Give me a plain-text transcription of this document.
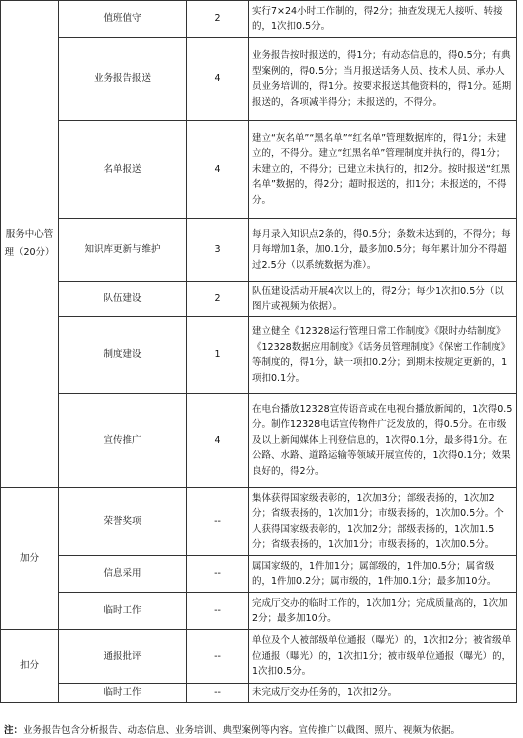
服务中心管理（20分）	值班值守	2	实行7×24小时工作制的，得2分；抽查发现无人接听、转接的，1次扣0.5分。
	业务报告报送	4	业务报告按时报送的，得1分；有动态信息的，得0.5分；有典型案例的，得0.5分；当月报送话务人员、技术人员、承办人员业务培训的，得1分。按要求报送其他资料的，得1分。延期报送的，各项减半得分；未报送的，不得分。
	名单报送	4	建立“灰名单”“黑名单”“红名单”管理数据库的，得1分；未建立的，不得分。建立“红黑名单”管理制度并执行的，得1分；未建立的，不得分；已建立未执行的，扣2分。按时报送“红黑名单”数据的，得2分；超时报送的，扣1分；未报送的，不得分。
	知识库更新与维护	3	每月录入知识点2条的，得0.5分；条数未达到的，不得分；每月每增加1条，加0.1分，最多加0.5分；每年累计加分不得超过2.5分（以系统数据为准）。
	队伍建设	2	队伍建设活动开展4次以上的，得2分；每少1次扣0.5分（以图片或视频为依据）。
	制度建设	1	建立健全《12328运行管理日常工作制度》《限时办结制度》《12328数据应用制度》《话务员管理制度》《保密工作制度》等制度的，得1分，缺一项扣0.2分；到期未按规定更新的，1项扣0.1分。
	宣传推广	4	在电台播放12328宣传语音或在电视台播放新闻的，1次得0.5分。制作12328电话宣传物件广泛发放的，得0.5分。在市级及以上新闻媒体上刊登信息的，1次得0.1分，最多得1分。在公路、水路、道路运输等领域开展宣传的，1次得0.1分；效果良好的，得2分。
加分	荣誉奖项	--	集体获得国家级表彰的，1次加3分；部级表扬的，1次加2分；省级表扬的，1次加1分；市级表扬的，1次加0.5分。个人获得国家级表彰的，1次加2分；部级表扬的，1次加1.5分；省级表扬的，1次加1分；市级表扬的，1次加0.5分。
	信息采用	--	属国家级的，1件加1分；属部级的，1件加0.5分；属省级的，1件加0.2分；属市级的，1件加0.1分；最多加10分。
	临时工作	--	完成厅交办的临时工作的，1次加1分；完成质量高的，1次加2分；最多加10分。
扣分	通报批评	--	单位及个人被部级单位通报（曝光）的，1次扣2分；被省级单位通报（曝光）的，1次扣1分；被市级单位通报（曝光）的，1次扣0.5分。
	临时工作	--	未完成厅交办任务的，1次扣2分。
注：业务报告包含分析报告、动态信息、业务培训、典型案例等内容。宣传推广以截图、照片、视频为依据。
